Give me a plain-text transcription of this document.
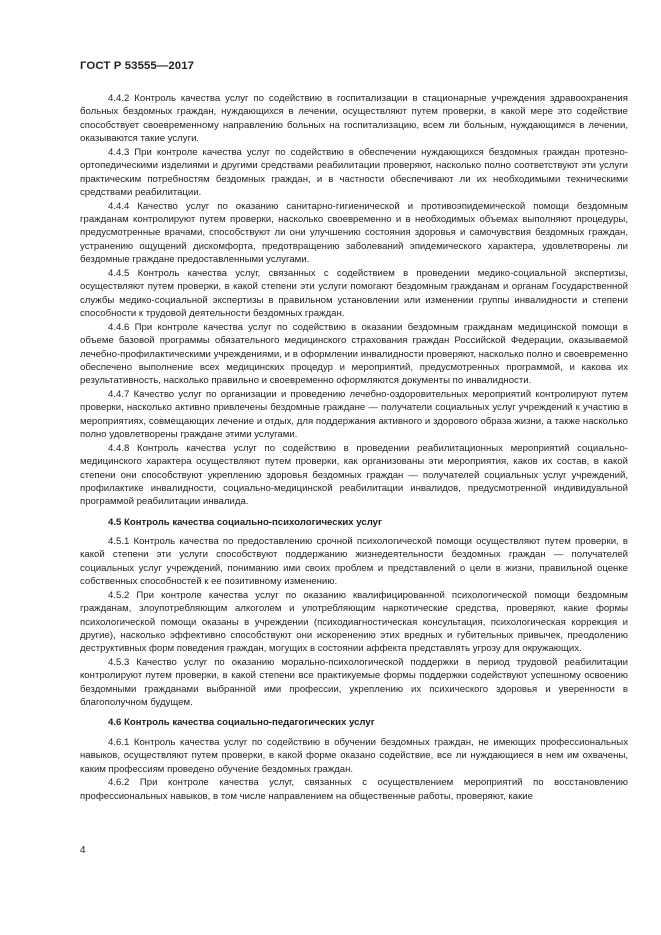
ГОСТ Р 53555—2017
4.4.2 Контроль качества услуг по содействию в госпитализации в стационарные учреждения здравоохранения больных бездомных граждан, нуждающихся в лечении, осуществляют путем проверки, в какой мере это содействие способствует своевременному направлению больных на госпитализацию, всем ли больным, нуждающимся в лечении, оказываются такие услуги.
4.4.3 При контроле качества услуг по содействию в обеспечении нуждающихся бездомных граждан протезно-ортопедическими изделиями и другими средствами реабилитации проверяют, насколько полно соответствуют эти услуги практическим потребностям бездомных граждан, и в частности обеспечивают ли их необходимыми техническими средствами реабилитации.
4.4.4 Качество услуг по оказанию санитарно-гигиенической и противоэпидемической помощи бездомным гражданам контролируют путем проверки, насколько своевременно и в необходимых объемах выполняют процедуры, предусмотренные врачами, способствуют ли они улучшению состояния здоровья и самочувствия бездомных граждан, устранению ощущений дискомфорта, предотвращению заболеваний эпидемического характера, удовлетворены ли бездомные граждане предоставленными услугами.
4.4.5 Контроль качества услуг, связанных с содействием в проведении медико-социальной экспертизы, осуществляют путем проверки, в какой степени эти услуги помогают бездомным гражданам и органам Государственной службы медико-социальной экспертизы в правильном установлении или изменении группы инвалидности и степени способности к трудовой деятельности бездомных граждан.
4.4.6 При контроле качества услуг по содействию в оказании бездомным гражданам медицинской помощи в объеме базовой программы обязательного медицинского страхования граждан Российской Федерации, оказываемой лечебно-профилактическими учреждениями, и в оформлении инвалидности проверяют, насколько полно и своевременно обеспечено выполнение всех медицинских процедур и мероприятий, предусмотренных программой, и какова их результативность, насколько правильно и своевременно оформляются документы по инвалидности.
4.4.7 Качество услуг по организации и проведению лечебно-оздоровительных мероприятий контролируют путем проверки, насколько активно привлечены бездомные граждане — получатели социальных услуг учреждений к участию в мероприятиях, совмещающих лечение и отдых, для поддержания активного и здорового образа жизни, а также насколько полно удовлетворены граждане этими услугами.
4.4.8 Контроль качества услуг по содействию в проведении реабилитационных мероприятий социально-медицинского характера осуществляют путем проверки, как организованы эти мероприятия, каков их состав, в какой степени они способствуют укреплению здоровья бездомных граждан — получателей социальных услуг учреждений, профилактике инвалидности, социально-медицинской реабилитации инвалидов, предусмотренной индивидуальной программой реабилитации инвалида.
4.5 Контроль качества социально-психологических услуг
4.5.1 Контроль качества по предоставлению срочной психологической помощи осуществляют путем проверки, в какой степени эти услуги способствуют поддержанию жизнедеятельности бездомных граждан — получателей социальных услуг учреждений, пониманию ими своих проблем и представлений о цели в жизни, правильной оценке собственных способностей к ее позитивному изменению.
4.5.2 При контроле качества услуг по оказанию квалифицированной психологической помощи бездомным гражданам, злоупотребляющим алкоголем и употребляющим наркотические средства, проверяют, какие формы психологической помощи оказаны в учреждении (психодиагностическая консультация, психологическая коррекция и другие), насколько эффективно способствуют они искоренению этих вредных и губительных привычек, преодолению деструктивных форм поведения граждан, могущих в состоянии аффекта представлять угрозу для окружающих.
4.5.3 Качество услуг по оказанию морально-психологической поддержки в период трудовой реабилитации контролируют путем проверки, в какой степени все практикуемые формы поддержки содействуют успешному освоению бездомными гражданами выбранной ими профессии, укреплению их психического здоровья и уверенности в благополучном будущем.
4.6 Контроль качества социально-педагогических услуг
4.6.1 Контроль качества услуг по содействию в обучении бездомных граждан, не имеющих профессиональных навыков, осуществляют путем проверки, в какой форме оказано содействие, все ли нуждающиеся в нем им охвачены, каким профессиям проведено обучение бездомных граждан.
4.6.2 При контроле качества услуг, связанных с осуществлением мероприятий по восстановлению профессиональных навыков, в том числе направлением на общественные работы, проверяют, какие
4
